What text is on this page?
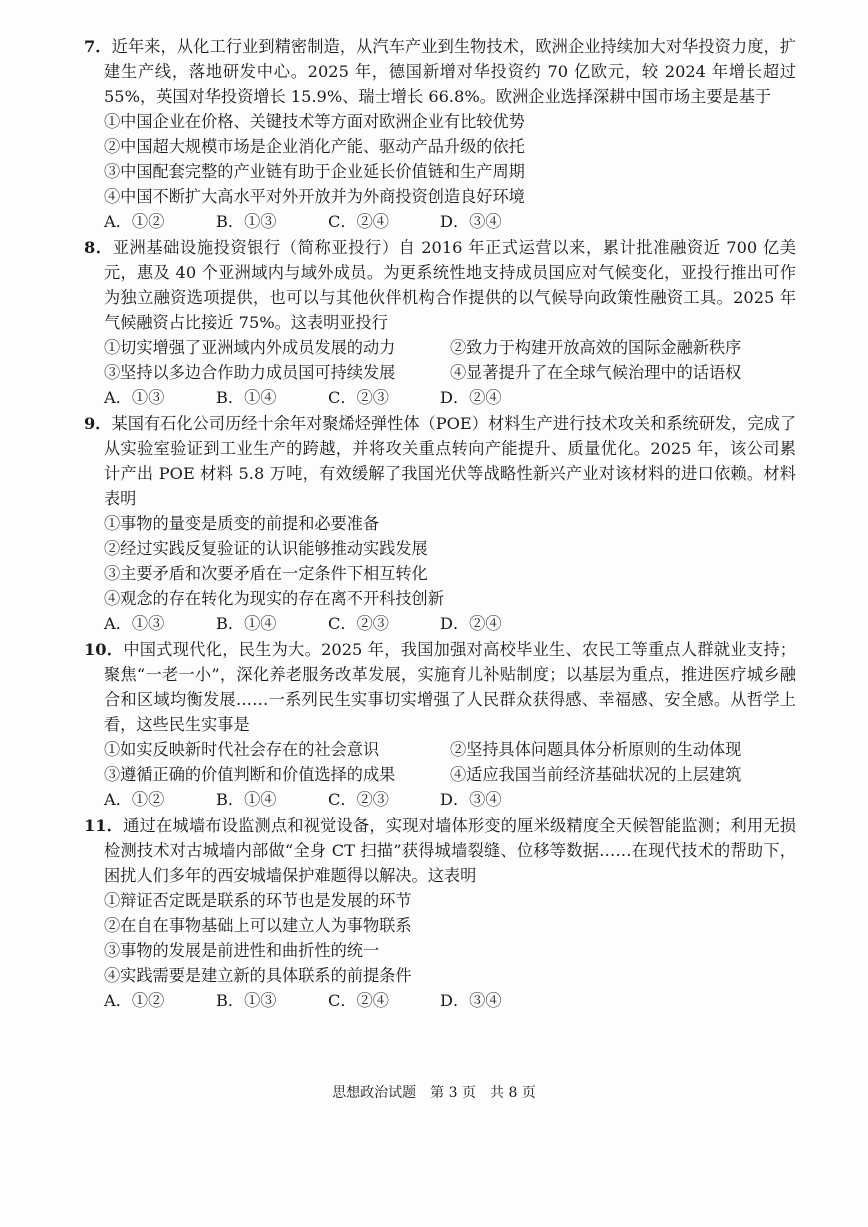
7．近年来，从化工行业到精密制造，从汽车产业到生物技术，欧洲企业持续加大对华投资力度，扩建生产线，落地研发中心。2025 年，德国新增对华投资约 70 亿欧元，较 2024 年增长超过 55%，英国对华投资增长 15.9%、瑞士增长 66.8%。欧洲企业选择深耕中国市场主要是基于

①中国企业在价格、关键技术等方面对欧洲企业有比较优势
②中国超大规模市场是企业消化产能、驱动产品升级的依托
③中国配套完整的产业链有助于企业延长价值链和生产周期
④中国不断扩大高水平对外开放并为外商投资创造良好环境
A．①②	B．①③	C．②④	D．③④

8．亚洲基础设施投资银行（简称亚投行）自 2016 年正式运营以来，累计批准融资近 700 亿美元，惠及 40 个亚洲域内与域外成员。为更系统性地支持成员国应对气候变化，亚投行推出可作为独立融资选项提供，也可以与其他伙伴机构合作提供的以气候导向政策性融资工具。2025 年气候融资占比接近 75%。这表明亚投行

①切实增强了亚洲域内外成员发展的动力	②致力于构建开放高效的国际金融新秩序
③坚持以多边合作助力成员国可持续发展	④显著提升了在全球气候治理中的话语权
A．①③	B．①④	C．②③	D．②④

9．某国有石化公司历经十余年对聚烯烃弹性体（POE）材料生产进行技术攻关和系统研发，完成了从实验室验证到工业生产的跨越，并将攻关重点转向产能提升、质量优化。2025 年，该公司累计产出 POE 材料 5.8 万吨，有效缓解了我国光伏等战略性新兴产业对该材料的进口依赖。材料表明

①事物的量变是质变的前提和必要准备
②经过实践反复验证的认识能够推动实践发展
③主要矛盾和次要矛盾在一定条件下相互转化
④观念的存在转化为现实的存在离不开科技创新
A．①③	B．①④	C．②③	D．②④

10．中国式现代化，民生为大。2025 年，我国加强对高校毕业生、农民工等重点人群就业支持；聚焦“一老一小”，深化养老服务改革发展，实施育儿补贴制度；以基层为重点，推进医疗城乡融合和区域均衡发展……一系列民生实事切实增强了人民群众获得感、幸福感、安全感。从哲学上看，这些民生实事是

①如实反映新时代社会存在的社会意识	②坚持具体问题具体分析原则的生动体现
③遵循正确的价值判断和价值选择的成果	④适应我国当前经济基础状况的上层建筑
A．①②	B．①④	C．②③	D．③④

11．通过在城墙布设监测点和视觉设备，实现对墙体形变的厘米级精度全天候智能监测；利用无损检测技术对古城墙内部做“全身 CT 扫描”获得城墙裂缝、位移等数据……在现代技术的帮助下，困扰人们多年的西安城墙保护难题得以解决。这表明

①辩证否定既是联系的环节也是发展的环节
②在自在事物基础上可以建立人为事物联系
③事物的发展是前进性和曲折性的统一
④实践需要是建立新的具体联系的前提条件
A．①②	B．①③	C．②④	D．③④
思想政治试题　第 3 页　共 8 页
